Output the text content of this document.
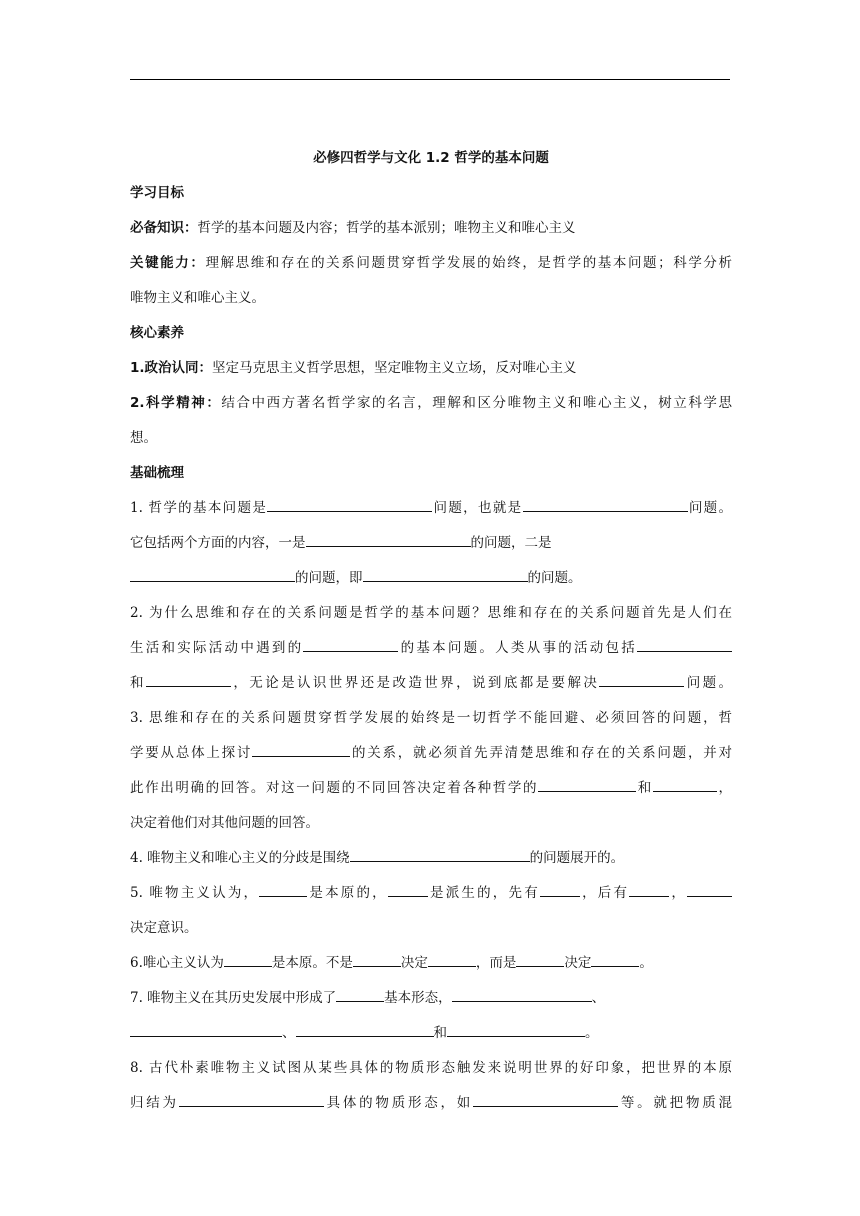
必修四哲学与文化 1.2 哲学的基本问题
学习目标
必备知识：哲学的基本问题及内容；哲学的基本派别；唯物主义和唯心主义
关键能力：理解思维和存在的关系问题贯穿哲学发展的始终，是哲学的基本问题；科学分析
唯物主义和唯心主义。
核心素养
1.政治认同：坚定马克思主义哲学思想，坚定唯物主义立场，反对唯心主义
2.科学精神：结合中西方著名哲学家的名言，理解和区分唯物主义和唯心主义，树立科学思
想。
基础梳理
1. 哲学的基本问题是	问题，也就是	问题。
它包括两个方面的内容，一是	的问题，二是
的问题，即	的问题。
2. 为什么思维和存在的关系问题是哲学的基本问题？思维和存在的关系问题首先是人们在
生活和实际活动中遇到的	的基本问题。人类从事的活动包括
和	，无论是认识世界还是改造世界，说到底都是要解决	问题。
3. 思维和存在的关系问题贯穿哲学发展的始终是一切哲学不能回避、必须回答的问题，哲
学要从总体上探讨	的关系，就必须首先弄清楚思维和存在的关系问题，并对
此作出明确的回答。对这一问题的不同回答决定着各种哲学的	和	，
决定着他们对其他问题的回答。
4. 唯物主义和唯心主义的分歧是围绕	的问题展开的。
5. 唯物主义认为，	是本原的，	是派生的，先有	，后有	，
决定意识。
6.唯心主义认为	是本原。不是	决定	，而是	决定	。
7. 唯物主义在其历史发展中形成了	基本形态，	、
、	和	。
8. 古代朴素唯物主义试图从某些具体的物质形态触发来说明世界的好印象，把世界的本原
归结为	具体的物质形态，如	等。就把物质混
